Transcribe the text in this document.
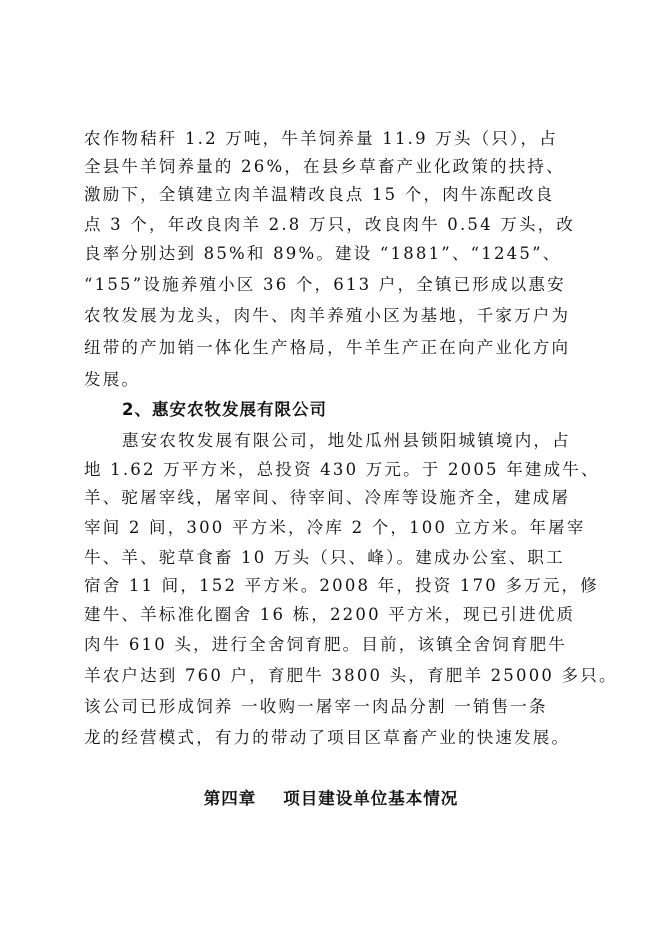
农作物秸秆 1.2 万吨，牛羊饲养量 11.9 万头（只），占
全县牛羊饲养量的 26%，在县乡草畜产业化政策的扶持、
激励下，全镇建立肉羊温精改良点 15 个，肉牛冻配改良
点 3 个，年改良肉羊 2.8 万只，改良肉牛 0.54 万头，改
良率分别达到 85%和 89%。建设 “1881”、“1245”、
“155”设施养殖小区 36 个，613 户，全镇已形成以惠安
农牧发展为龙头，肉牛、肉羊养殖小区为基地，千家万户为
纽带的产加销一体化生产格局，牛羊生产正在向产业化方向
发展。
2、惠安农牧发展有限公司
惠安农牧发展有限公司，地处瓜州县锁阳城镇境内，占
地 1.62 万平方米，总投资 430 万元。于 2005 年建成牛、
羊、驼屠宰线，屠宰间、待宰间、冷库等设施齐全，建成屠
宰间 2 间，300 平方米，冷库 2 个，100 立方米。年屠宰
牛、羊、驼草食畜 10 万头（只、峰）。建成办公室、职工
宿舍 11 间，152 平方米。2008 年，投资 170 多万元，修
建牛、羊标准化圈舍 16 栋，2200 平方米，现已引进优质
肉牛 610 头，进行全舍饲育肥。目前，该镇全舍饲育肥牛
羊农户达到 760 户，育肥牛 3800 头，育肥羊 25000 多只。
该公司已形成饲养 一收购一屠宰一肉品分割 一销售一条
龙的经营模式，有力的带动了项目区草畜产业的快速发展。
第四章    项目建设单位基本情况
